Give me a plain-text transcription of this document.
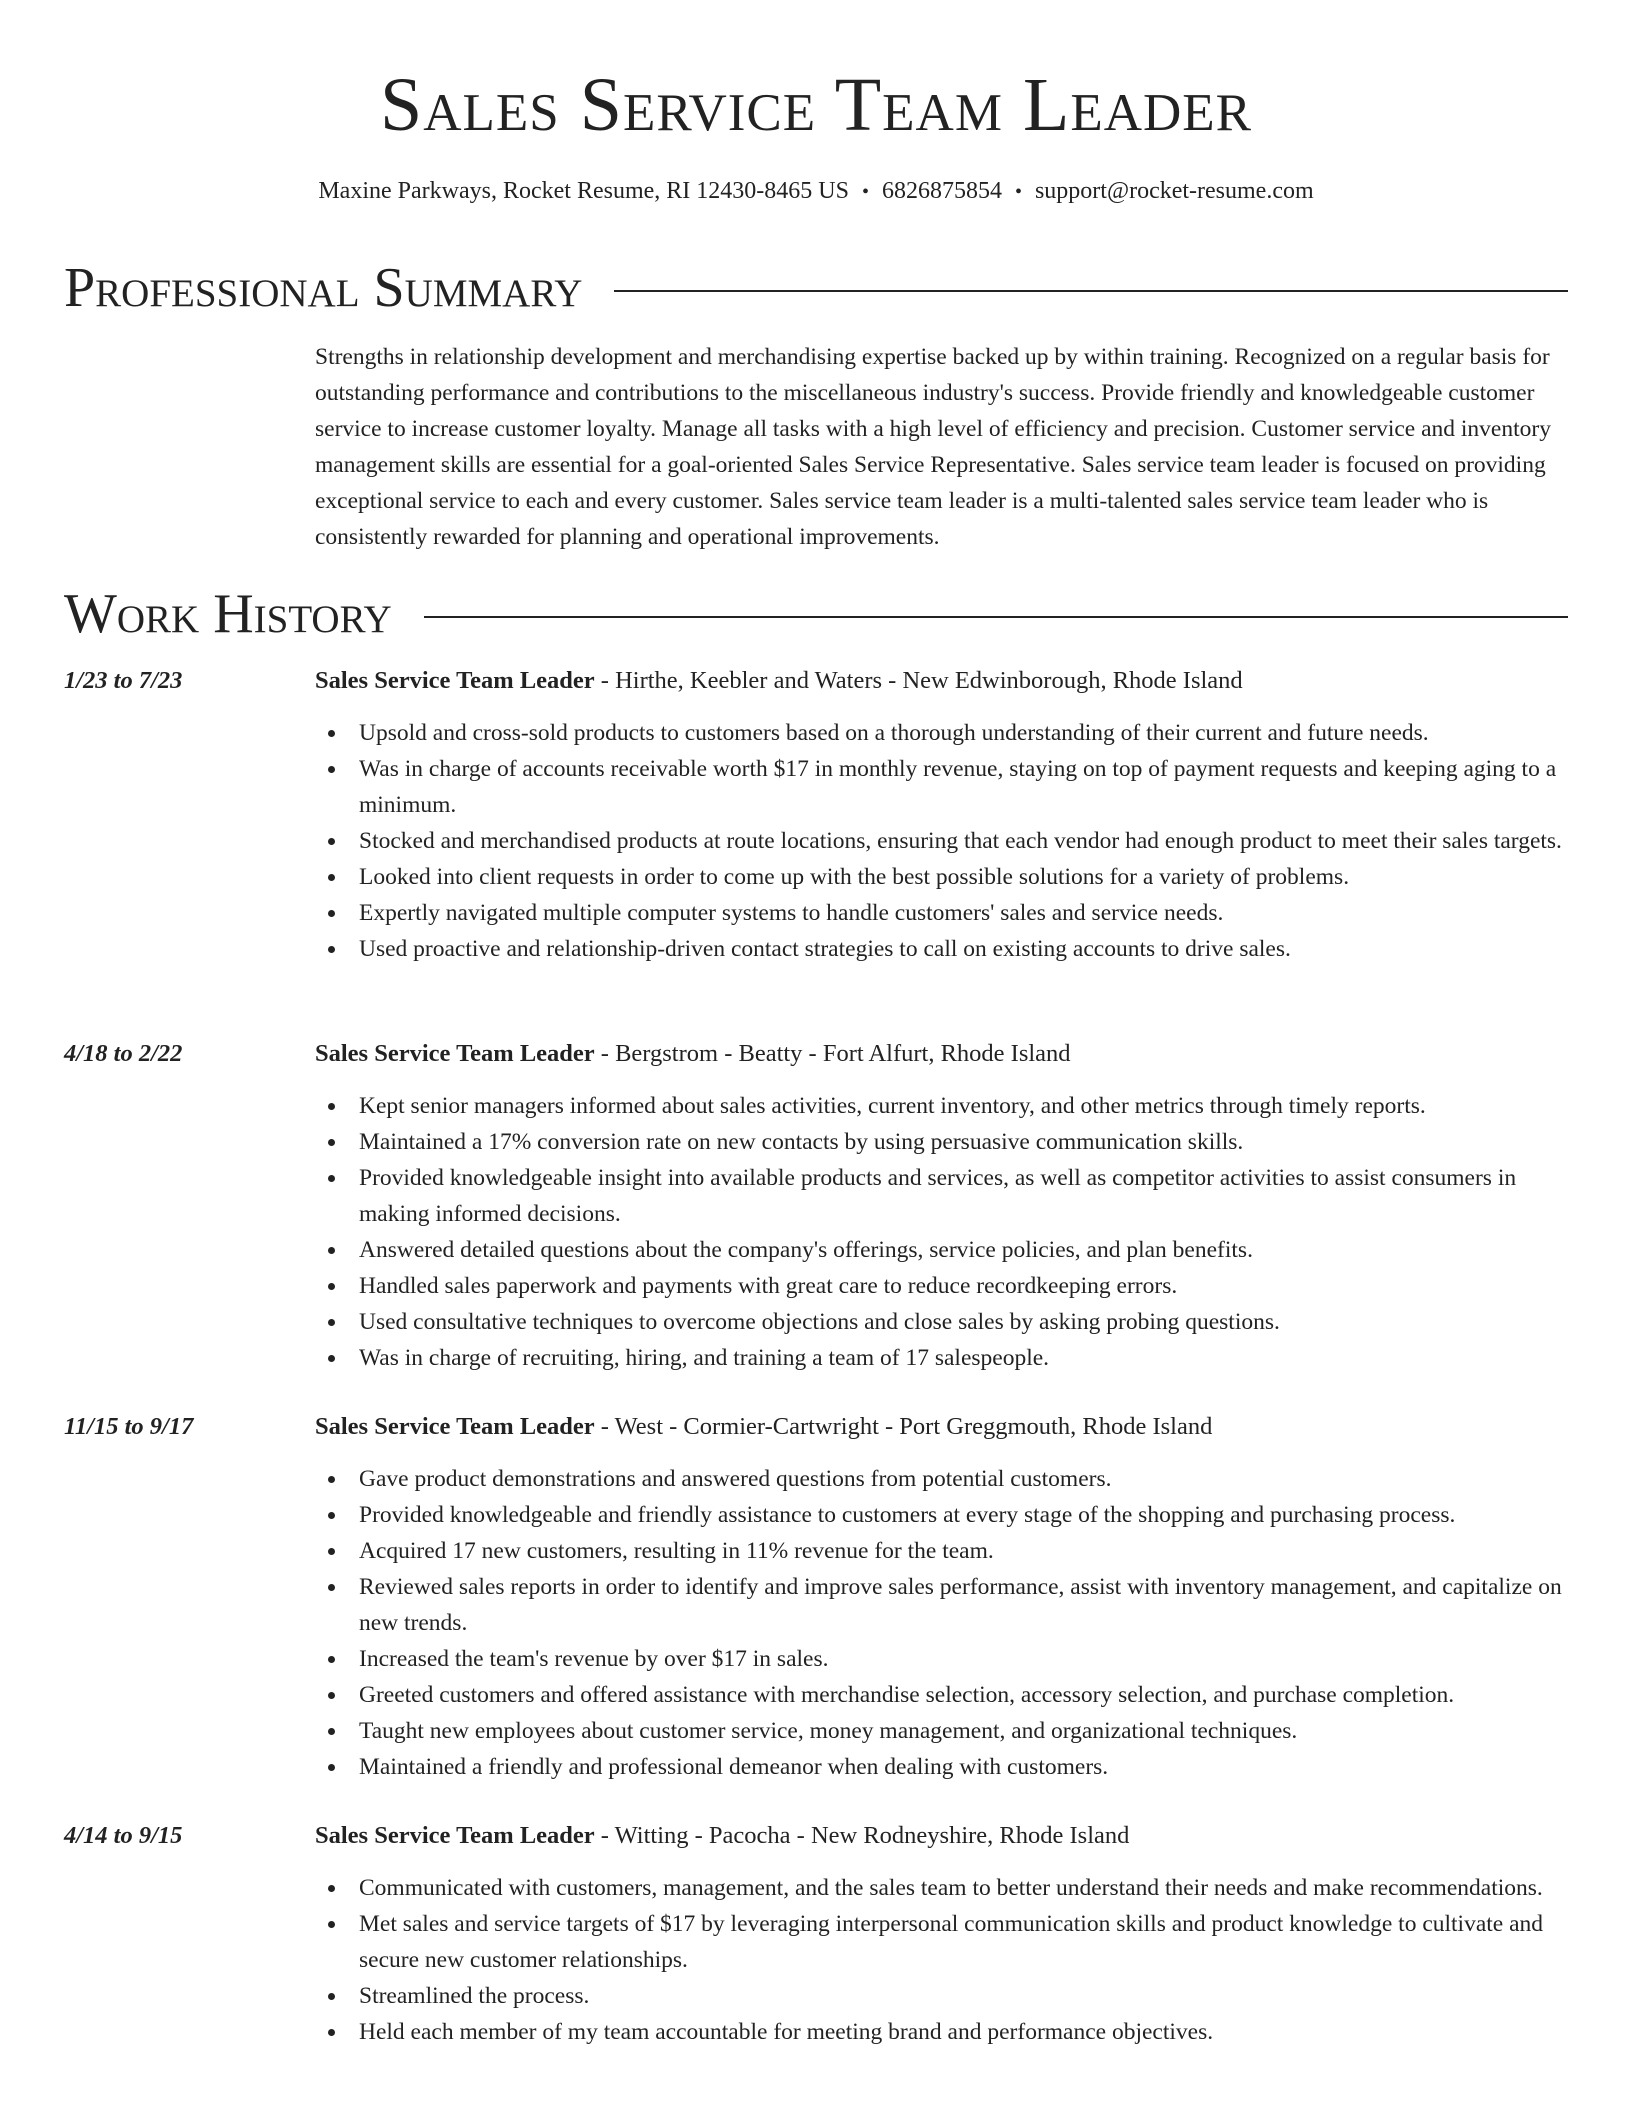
Sales Service Team Leader

Maxine Parkways, Rocket Resume, RI 12430-8465 US • 6826875854 • support@rocket-resume.com

Professional Summary

Strengths in relationship development and merchandising expertise backed up by within training. Recognized on a regular basis for outstanding performance and contributions to the miscellaneous industry's success. Provide friendly and knowledgeable customer service to increase customer loyalty. Manage all tasks with a high level of efficiency and precision. Customer service and inventory management skills are essential for a goal-oriented Sales Service Representative. Sales service team leader is focused on providing exceptional service to each and every customer. Sales service team leader is a multi-talented sales service team leader who is consistently rewarded for planning and operational improvements.

Work History
1/23 to 7/23	Sales Service Team Leader - Hirthe, Keebler and Waters - New Edwinborough, Rhode Island
Upsold and cross-sold products to customers based on a thorough understanding of their current and future needs.
Was in charge of accounts receivable worth $17 in monthly revenue, staying on top of payment requests and keeping aging to a minimum.
Stocked and merchandised products at route locations, ensuring that each vendor had enough product to meet their sales targets.
Looked into client requests in order to come up with the best possible solutions for a variety of problems.
Expertly navigated multiple computer systems to handle customers' sales and service needs.
Used proactive and relationship-driven contact strategies to call on existing accounts to drive sales.
4/18 to 2/22	Sales Service Team Leader - Bergstrom - Beatty - Fort Alfurt, Rhode Island
Kept senior managers informed about sales activities, current inventory, and other metrics through timely reports.
Maintained a 17% conversion rate on new contacts by using persuasive communication skills.
Provided knowledgeable insight into available products and services, as well as competitor activities to assist consumers in making informed decisions.
Answered detailed questions about the company's offerings, service policies, and plan benefits.
Handled sales paperwork and payments with great care to reduce recordkeeping errors.
Used consultative techniques to overcome objections and close sales by asking probing questions.
Was in charge of recruiting, hiring, and training a team of 17 salespeople.
11/15 to 9/17	Sales Service Team Leader - West - Cormier-Cartwright - Port Greggmouth, Rhode Island
Gave product demonstrations and answered questions from potential customers.
Provided knowledgeable and friendly assistance to customers at every stage of the shopping and purchasing process.
Acquired 17 new customers, resulting in 11% revenue for the team.
Reviewed sales reports in order to identify and improve sales performance, assist with inventory management, and capitalize on new trends.
Increased the team's revenue by over $17 in sales.
Greeted customers and offered assistance with merchandise selection, accessory selection, and purchase completion.
Taught new employees about customer service, money management, and organizational techniques.
Maintained a friendly and professional demeanor when dealing with customers.
4/14 to 9/15	Sales Service Team Leader - Witting - Pacocha - New Rodneyshire, Rhode Island
Communicated with customers, management, and the sales team to better understand their needs and make recommendations.
Met sales and service targets of $17 by leveraging interpersonal communication skills and product knowledge to cultivate and secure new customer relationships.
Streamlined the process.
Held each member of my team accountable for meeting brand and performance objectives.
